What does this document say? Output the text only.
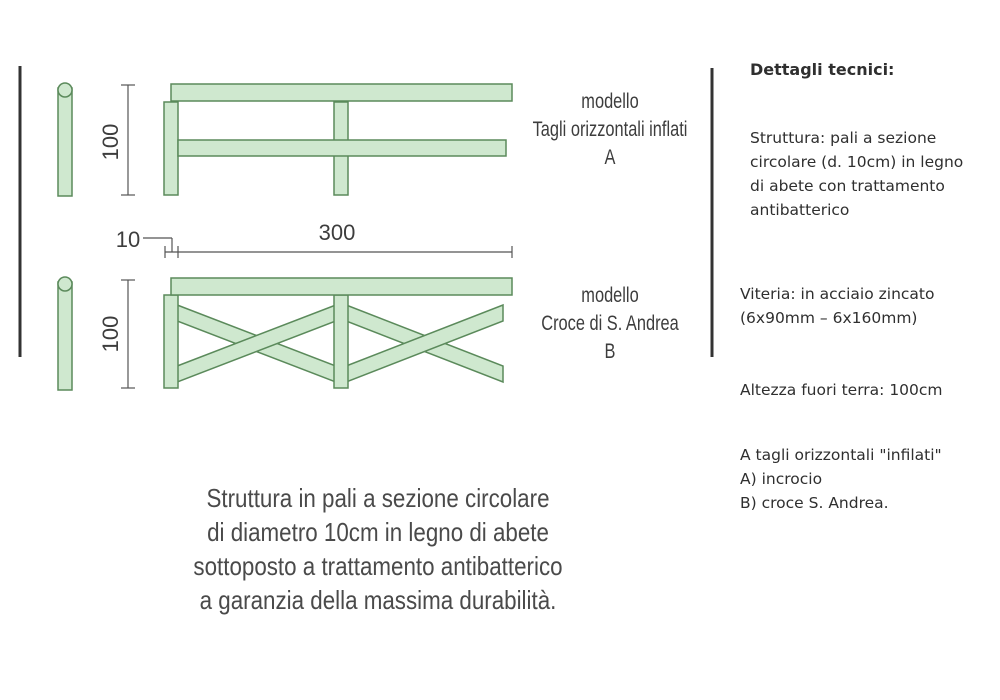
100
300
10
100
modello
Tagli orizzontali inflati
A
modello
Croce di S. Andrea
B
Struttura in pali a sezione circolare
di diametro 10cm in legno di abete
sottoposto a trattamento antibatterico
a garanzia della massima durabilità.
Dettagli tecnici:
Struttura: pali a sezione
circolare (d. 10cm) in legno
di abete con trattamento
antibatterico
Viteria: in acciaio zincato
(6x90mm – 6x160mm)
Altezza fuori terra: 100cm
A tagli orizzontali "infilati"
A) incrocio
B) croce S. Andrea.
